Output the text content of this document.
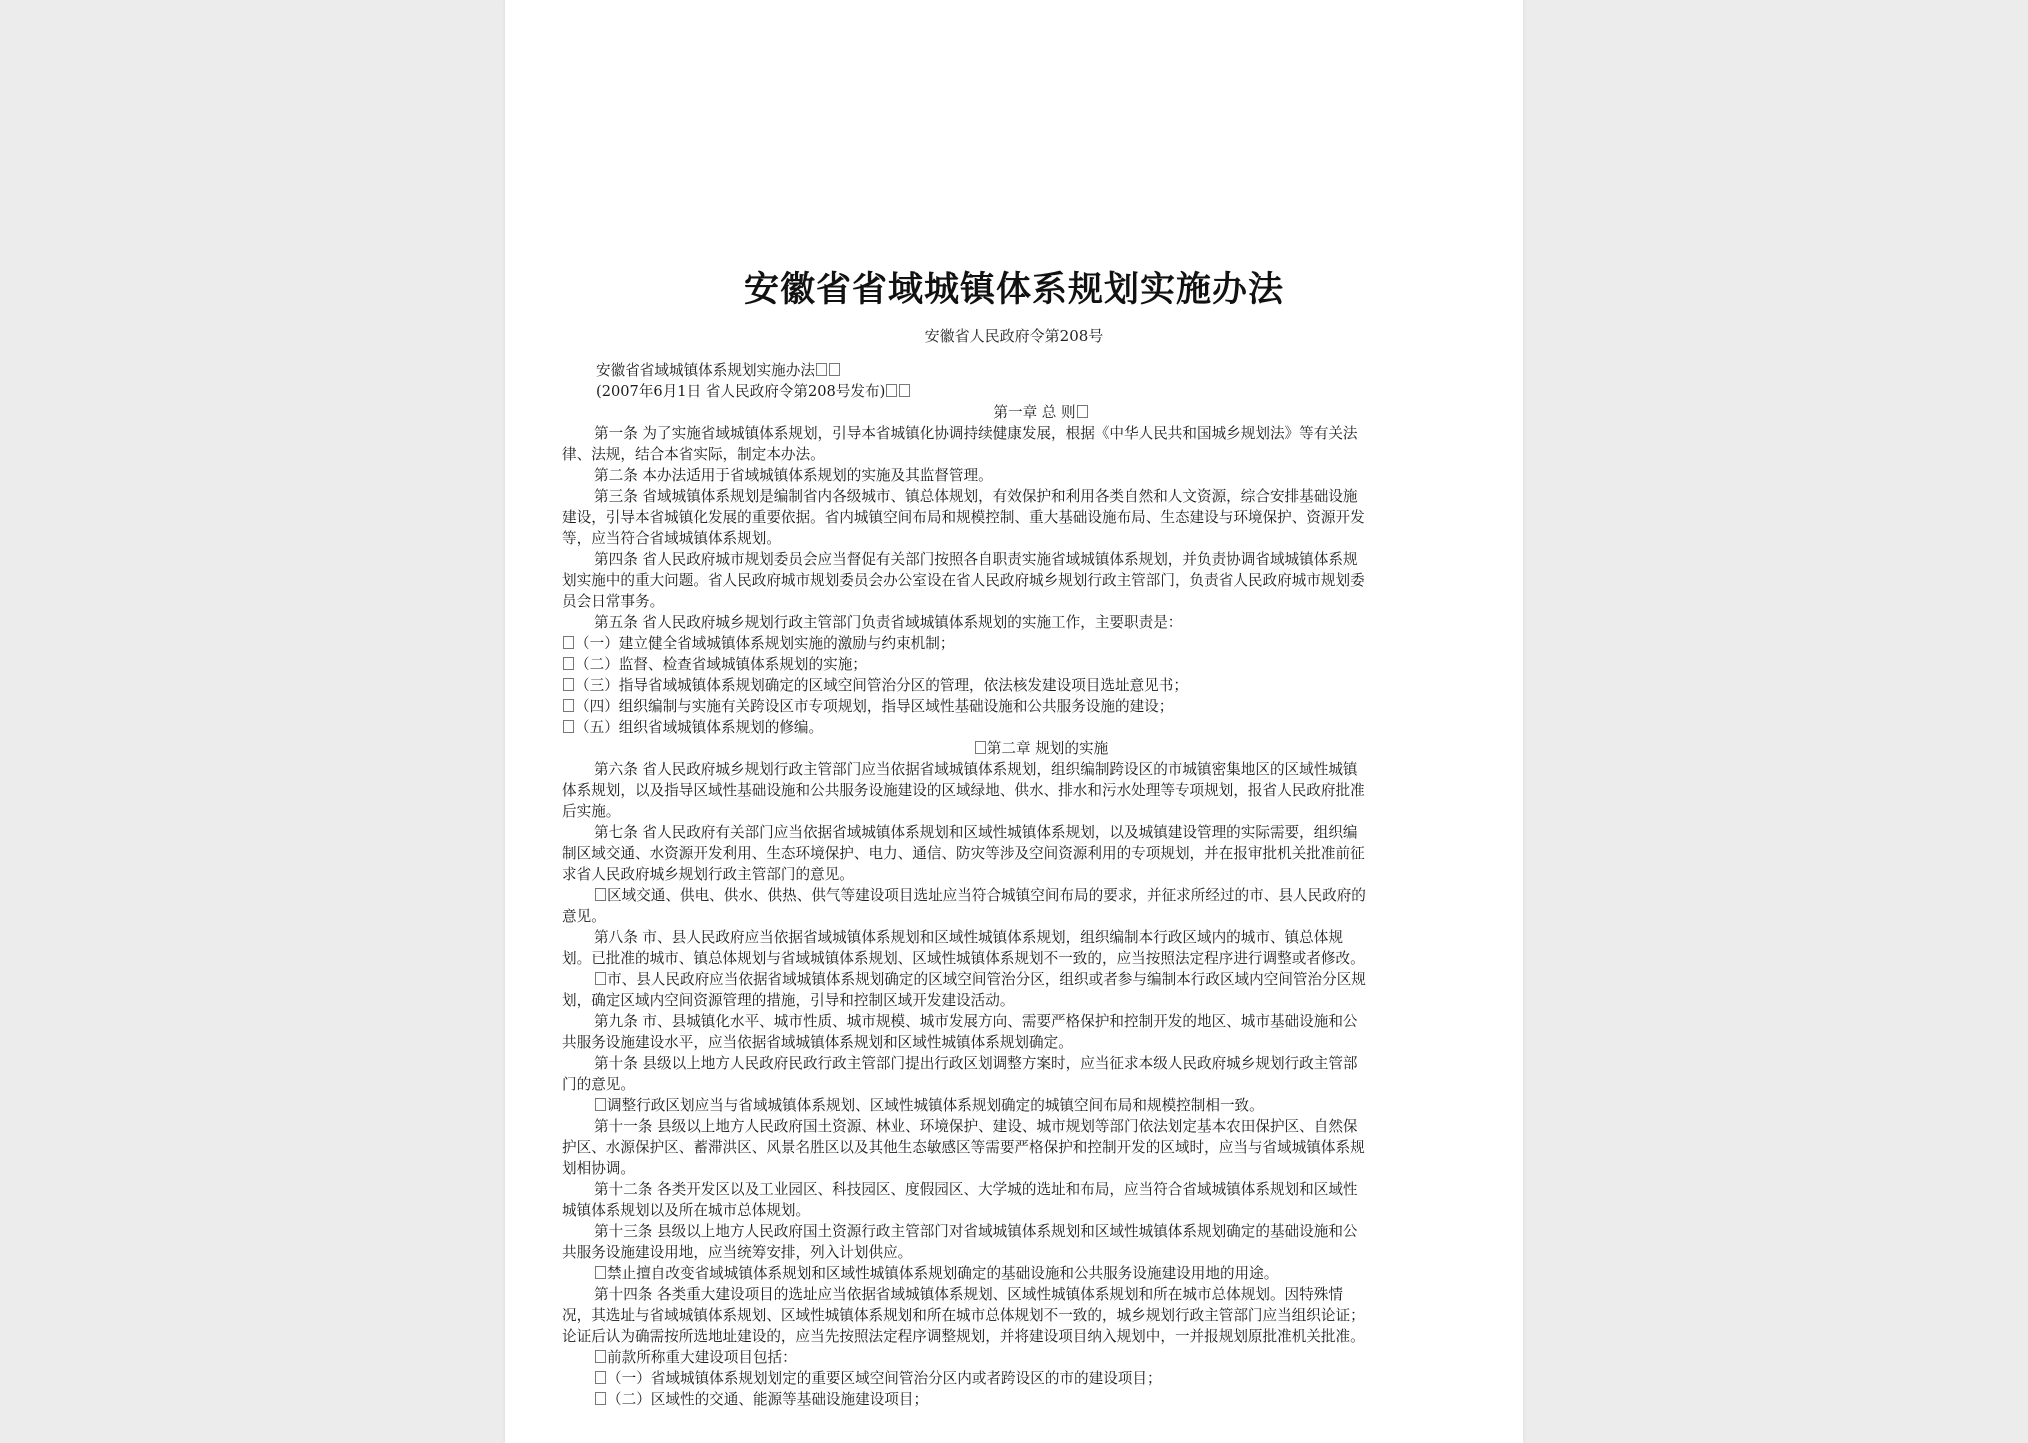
安徽省省域城镇体系规划实施办法
安徽省人民政府令第208号
安徽省省域城镇体系规划实施办法
(2007年6月1日 省人民政府令第208号发布)
第一章 总 则
第一条 为了实施省域城镇体系规划，引导本省城镇化协调持续健康发展，根据《中华人民共和国城乡规划法》等有关法
律、法规，结合本省实际，制定本办法。
第二条 本办法适用于省域城镇体系规划的实施及其监督管理。
第三条 省域城镇体系规划是编制省内各级城市、镇总体规划，有效保护和利用各类自然和人文资源，综合安排基础设施
建设，引导本省城镇化发展的重要依据。省内城镇空间布局和规模控制、重大基础设施布局、生态建设与环境保护、资源开发
等，应当符合省域城镇体系规划。
第四条 省人民政府城市规划委员会应当督促有关部门按照各自职责实施省域城镇体系规划，并负责协调省域城镇体系规
划实施中的重大问题。省人民政府城市规划委员会办公室设在省人民政府城乡规划行政主管部门，负责省人民政府城市规划委
员会日常事务。
第五条 省人民政府城乡规划行政主管部门负责省域城镇体系规划的实施工作，主要职责是：
（一）建立健全省域城镇体系规划实施的激励与约束机制；
（二）监督、检查省域城镇体系规划的实施；
（三）指导省域城镇体系规划确定的区域空间管治分区的管理，依法核发建设项目选址意见书；
（四）组织编制与实施有关跨设区市专项规划，指导区域性基础设施和公共服务设施的建设；
（五）组织省域城镇体系规划的修编。
第二章 规划的实施
第六条 省人民政府城乡规划行政主管部门应当依据省域城镇体系规划，组织编制跨设区的市城镇密集地区的区域性城镇
体系规划，以及指导区域性基础设施和公共服务设施建设的区域绿地、供水、排水和污水处理等专项规划，报省人民政府批准
后实施。
第七条 省人民政府有关部门应当依据省域城镇体系规划和区域性城镇体系规划，以及城镇建设管理的实际需要，组织编
制区域交通、水资源开发利用、生态环境保护、电力、通信、防灾等涉及空间资源利用的专项规划，并在报审批机关批准前征
求省人民政府城乡规划行政主管部门的意见。
区域交通、供电、供水、供热、供气等建设项目选址应当符合城镇空间布局的要求，并征求所经过的市、县人民政府的
意见。
第八条 市、县人民政府应当依据省域城镇体系规划和区域性城镇体系规划，组织编制本行政区域内的城市、镇总体规
划。已批准的城市、镇总体规划与省域城镇体系规划、区域性城镇体系规划不一致的，应当按照法定程序进行调整或者修改。
市、县人民政府应当依据省域城镇体系规划确定的区域空间管治分区，组织或者参与编制本行政区域内空间管治分区规
划，确定区域内空间资源管理的措施，引导和控制区域开发建设活动。
第九条 市、县城镇化水平、城市性质、城市规模、城市发展方向、需要严格保护和控制开发的地区、城市基础设施和公
共服务设施建设水平，应当依据省域城镇体系规划和区域性城镇体系规划确定。
第十条 县级以上地方人民政府民政行政主管部门提出行政区划调整方案时，应当征求本级人民政府城乡规划行政主管部
门的意见。
调整行政区划应当与省域城镇体系规划、区域性城镇体系规划确定的城镇空间布局和规模控制相一致。
第十一条 县级以上地方人民政府国土资源、林业、环境保护、建设、城市规划等部门依法划定基本农田保护区、自然保
护区、水源保护区、蓄滞洪区、风景名胜区以及其他生态敏感区等需要严格保护和控制开发的区域时，应当与省域城镇体系规
划相协调。
第十二条 各类开发区以及工业园区、科技园区、度假园区、大学城的选址和布局，应当符合省域城镇体系规划和区域性
城镇体系规划以及所在城市总体规划。
第十三条 县级以上地方人民政府国土资源行政主管部门对省域城镇体系规划和区域性城镇体系规划确定的基础设施和公
共服务设施建设用地，应当统筹安排，列入计划供应。
禁止擅自改变省域城镇体系规划和区域性城镇体系规划确定的基础设施和公共服务设施建设用地的用途。
第十四条 各类重大建设项目的选址应当依据省域城镇体系规划、区域性城镇体系规划和所在城市总体规划。因特殊情
况，其选址与省域城镇体系规划、区域性城镇体系规划和所在城市总体规划不一致的，城乡规划行政主管部门应当组织论证；
论证后认为确需按所选地址建设的，应当先按照法定程序调整规划，并将建设项目纳入规划中，一并报规划原批准机关批准。
前款所称重大建设项目包括：
（一）省域城镇体系规划划定的重要区域空间管治分区内或者跨设区的市的建设项目；
（二）区域性的交通、能源等基础设施建设项目；
